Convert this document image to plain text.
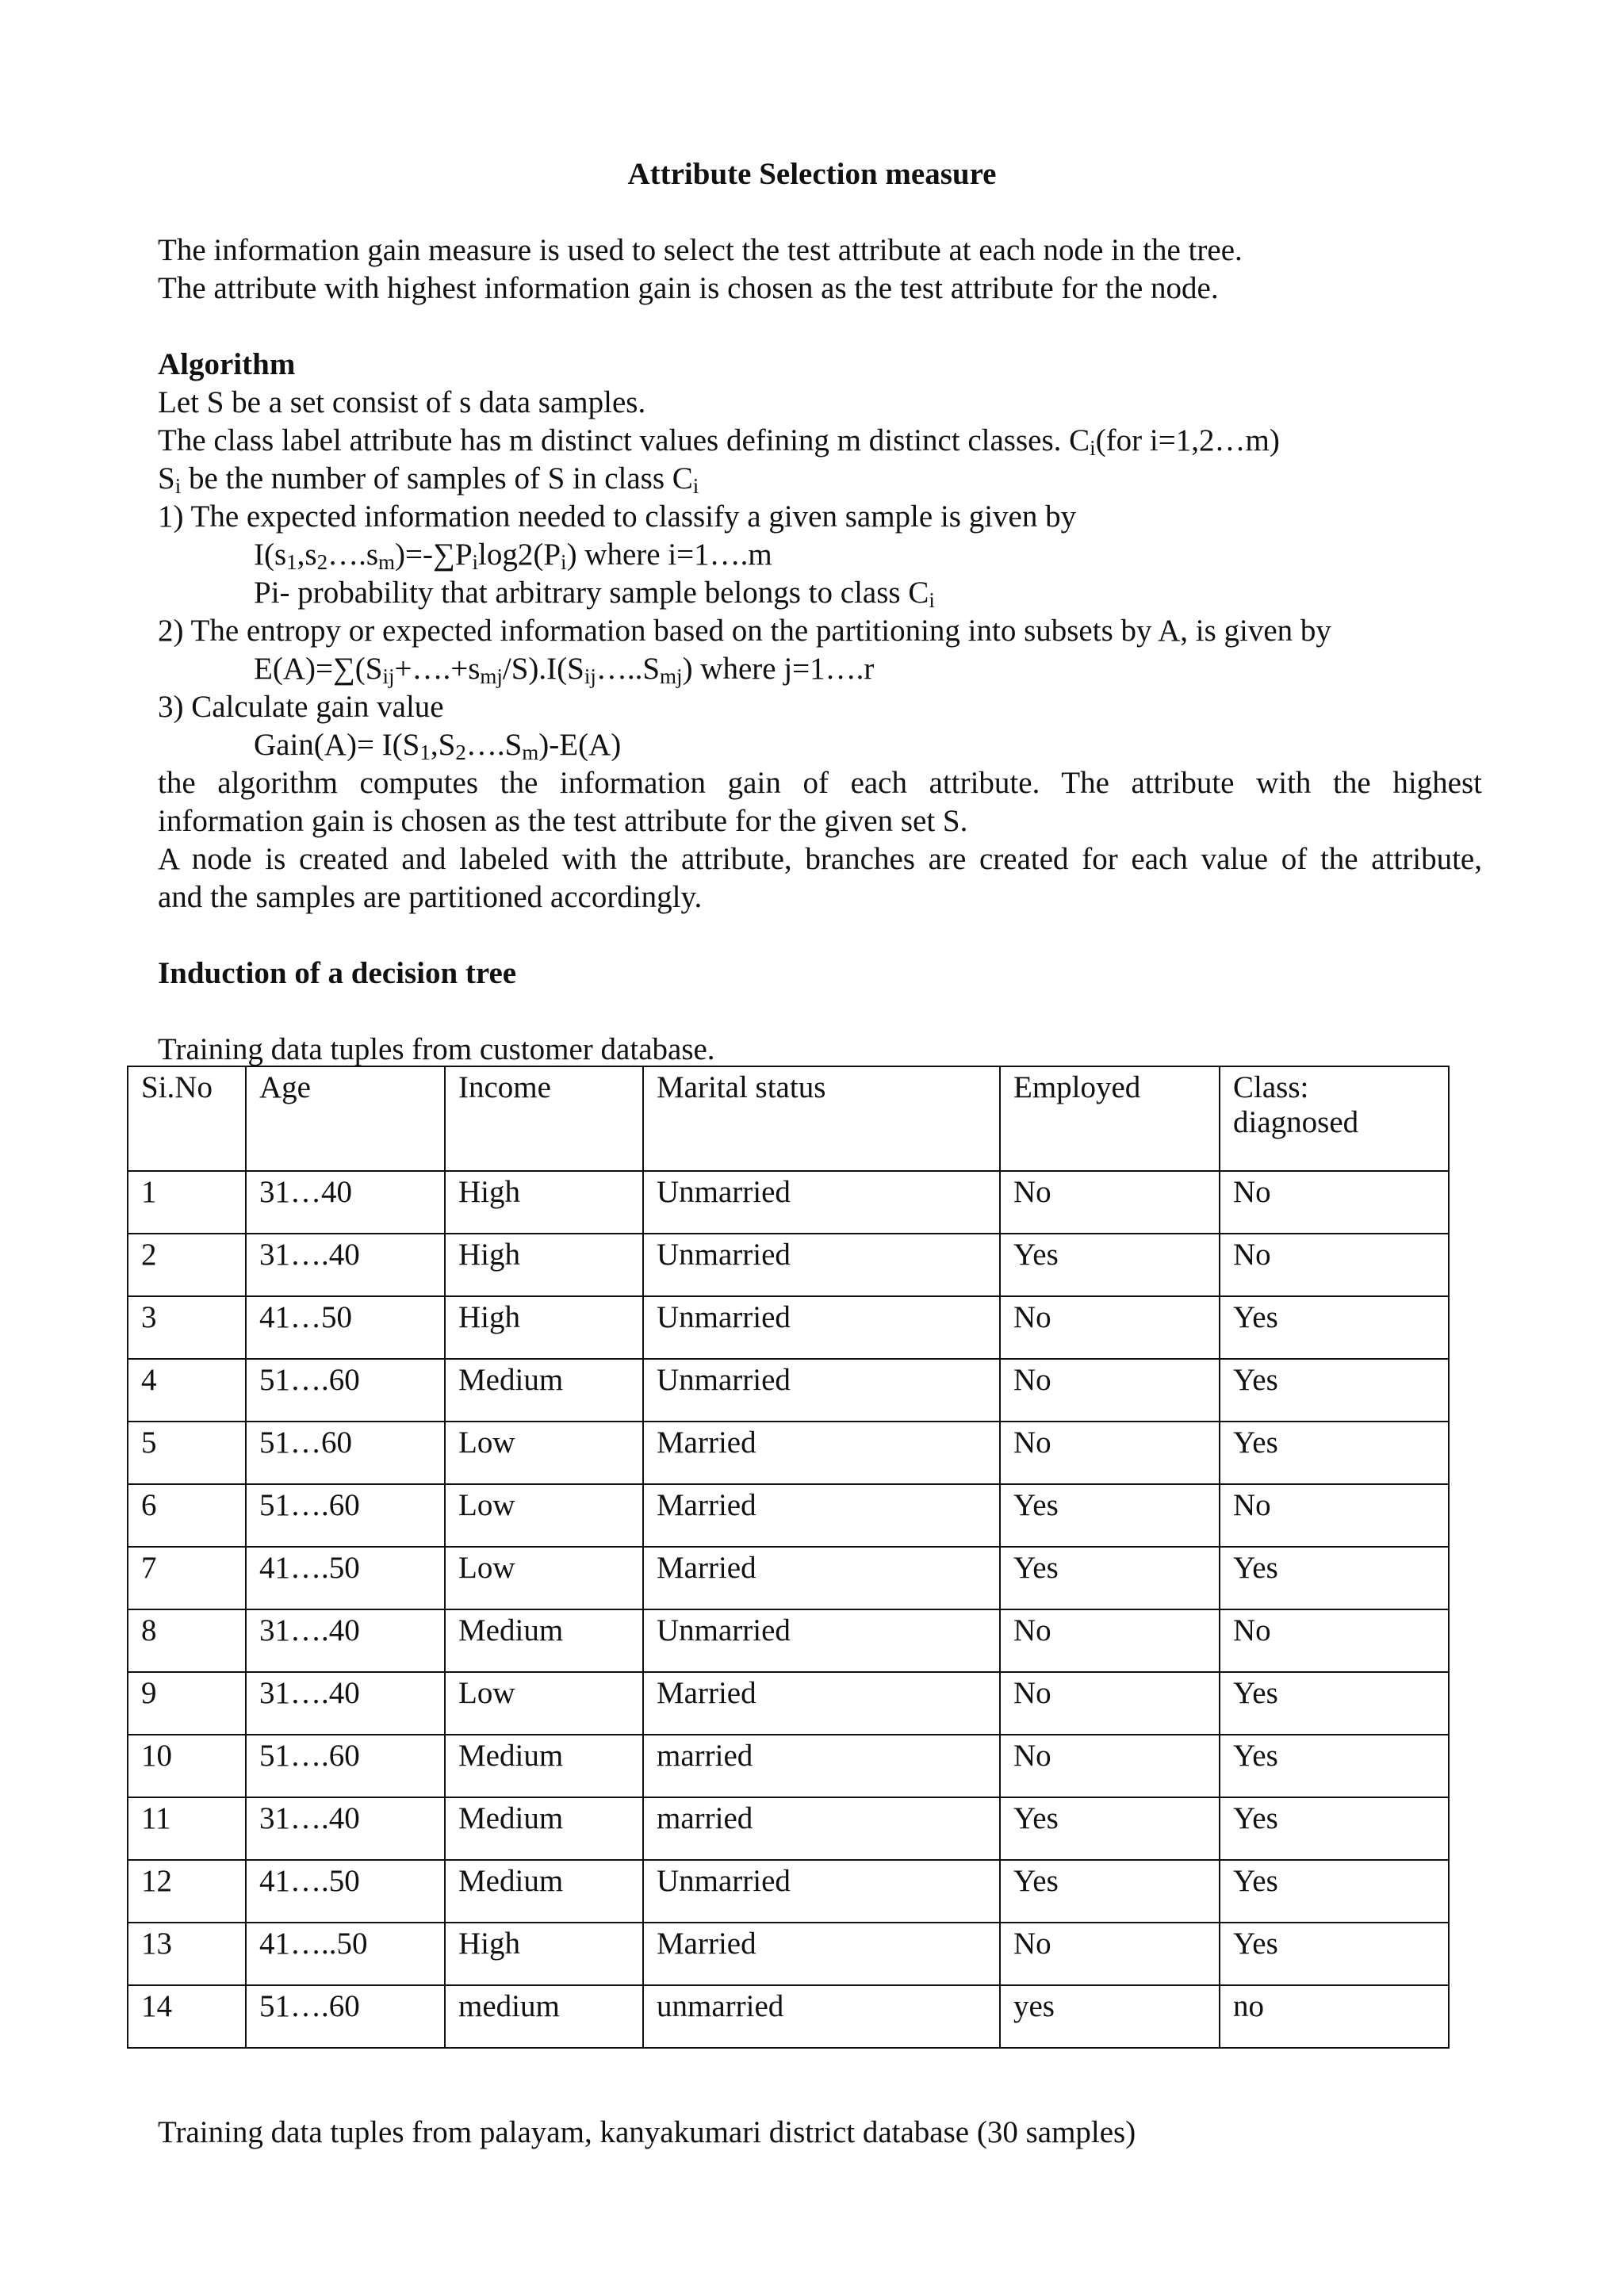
Attribute Selection measure
The information gain measure is used to select the test attribute at each node in the tree.
The attribute with highest information gain is chosen as the test attribute for the node.
Algorithm
Let S be a set consist of s data samples.
The class label attribute has m distinct values defining m distinct classes. $C_i(for$ i=1,2…m)
$S_i$ be the number of samples of S in class $C_i$
1) The expected information needed to classify a given sample is given by
$I(s_1,s_2\dots.s_m)=-\sum P_i\log 2(P_i)$ where i=1….m
Pi- probability that arbitrary sample belongs to class $C_i$
2) The entropy or expected information based on the partitioning into subsets by A, is given by
$E(A)=\sum(S_{ij}+\dots.+s_{mj}/S).I(S_{ij}\dots..S_{mj})$ where j=1….r
3) Calculate gain value
Gain(A)= $I(S_1,S_2\dots.S_m)-E(A)$
the algorithm computes the information gain of each attribute. The attribute with the highest
information gain is chosen as the test attribute for the given set S.
A node is created and labeled with the attribute, branches are created for each value of the attribute,
and the samples are partitioned accordingly.
Induction of a decision tree
Training data tuples from customer database.
Si.No	Age	Income	Marital status	Employed	Class:
diagnosed
1	31…40	High	Unmarried	No	No
2	31….40	High	Unmarried	Yes	No
3	41…50	High	Unmarried	No	Yes
4	51….60	Medium	Unmarried	No	Yes
5	51…60	Low	Married	No	Yes
6	51….60	Low	Married	Yes	No
7	41….50	Low	Married	Yes	Yes
8	31….40	Medium	Unmarried	No	No
9	31….40	Low	Married	No	Yes
10	51….60	Medium	married	No	Yes
11	31….40	Medium	married	Yes	Yes
12	41….50	Medium	Unmarried	Yes	Yes
13	41…..50	High	Married	No	Yes
14	51….60	medium	unmarried	yes	no
Training data tuples from palayam, kanyakumari district database (30 samples)
